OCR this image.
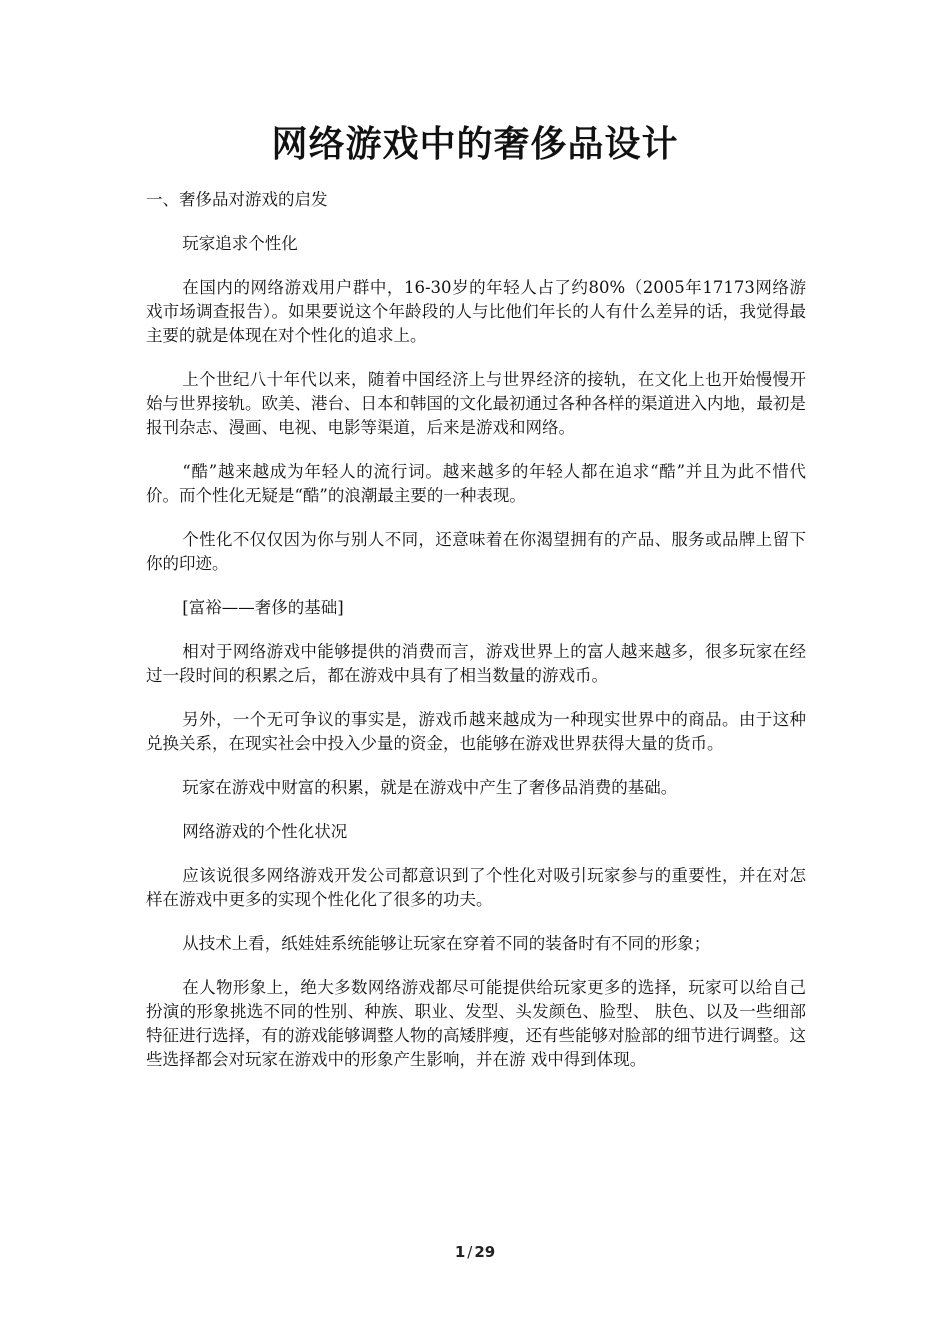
网络游戏中的奢侈品设计

一、奢侈品对游戏的启发

玩家追求个性化

在国内的网络游戏用户群中，16-30岁的年轻人占了约80%（2005年17173网络游戏市场调查报告）。如果要说这个年龄段的人与比他们年长的人有什么差异的话，我觉得最主要的就是体现在对个性化的追求上。

上个世纪八十年代以来，随着中国经济上与世界经济的接轨，在文化上也开始慢慢开始与世界接轨。欧美、港台、日本和韩国的文化最初通过各种各样的渠道进入内地，最初是报刊杂志、漫画、电视、电影等渠道，后来是游戏和网络。

“酷”越来越成为年轻人的流行词。越来越多的年轻人都在追求“酷”并且为此不惜代价。而个性化无疑是“酷”的浪潮最主要的一种表现。

个性化不仅仅因为你与别人不同，还意味着在你渴望拥有的产品、服务或品牌上留下你的印迹。

[富裕——奢侈的基础]

相对于网络游戏中能够提供的消费而言，游戏世界上的富人越来越多，很多玩家在经过一段时间的积累之后，都在游戏中具有了相当数量的游戏币。

另外，一个无可争议的事实是，游戏币越来越成为一种现实世界中的商品。由于这种兑换关系，在现实社会中投入少量的资金，也能够在游戏世界获得大量的货币。

玩家在游戏中财富的积累，就是在游戏中产生了奢侈品消费的基础。

网络游戏的个性化状况

应该说很多网络游戏开发公司都意识到了个性化对吸引玩家参与的重要性，并在对怎样在游戏中更多的实现个性化化了很多的功夫。

从技术上看，纸娃娃系统能够让玩家在穿着不同的装备时有不同的形象；

在人物形象上，绝大多数网络游戏都尽可能提供给玩家更多的选择，玩家可以给自己扮演的形象挑选不同的性别、种族、职业、发型、头发颜色、脸型、 肤色、以及一些细部特征进行选择，有的游戏能够调整人物的高矮胖瘦，还有些能够对脸部的细节进行调整。这些选择都会对玩家在游戏中的形象产生影响，并在游 戏中得到体现。

1 / 29
